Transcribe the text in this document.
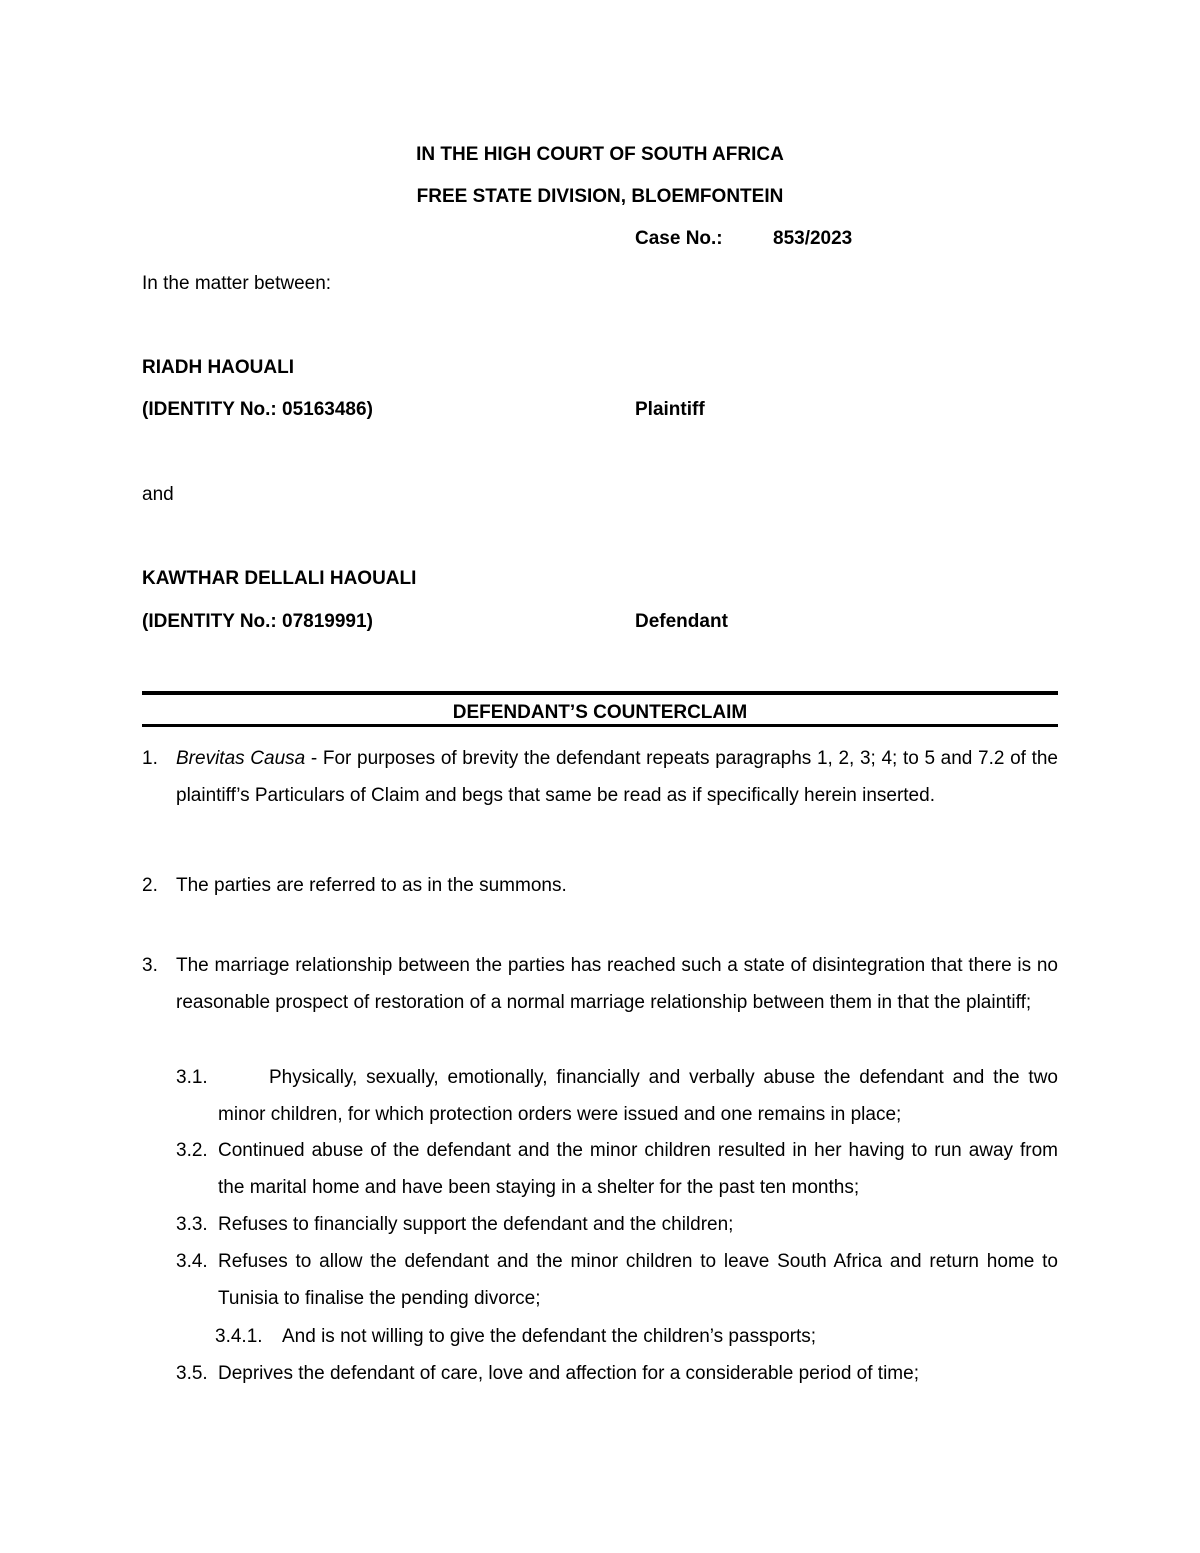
IN THE HIGH COURT OF SOUTH AFRICA
FREE STATE DIVISION, BLOEMFONTEIN
Case No.:	853/2023
In the matter between:
RIADH HAOUALI
(IDENTITY No.: 05163486)	Plaintiff
and
KAWTHAR DELLALI HAOUALI
(IDENTITY No.: 07819991)	Defendant
DEFENDANT’S COUNTERCLAIM
1. Brevitas Causa - For purposes of brevity the defendant repeats paragraphs 1, 2, 3; 4; to 5 and 7.2 of the plaintiff’s Particulars of Claim and begs that same be read as if specifically herein inserted.

2. The parties are referred to as in the summons.

3. The marriage relationship between the parties has reached such a state of disintegration that there is no reasonable prospect of restoration of a normal marriage relationship between them in that the plaintiff;

3.1.	Physically, sexually, emotionally, financially and verbally abuse the defendant and the two minor children, for which protection orders were issued and one remains in place;
3.2. Continued abuse of the defendant and the minor children resulted in her having to run away from the marital home and have been staying in a shelter for the past ten months;
3.3. Refuses to financially support the defendant and the children;
3.4. Refuses to allow the defendant and the minor children to leave South Africa and return home to Tunisia to finalise the pending divorce;
3.4.1. And is not willing to give the defendant the children’s passports;
3.5. Deprives the defendant of care, love and affection for a considerable period of time;
